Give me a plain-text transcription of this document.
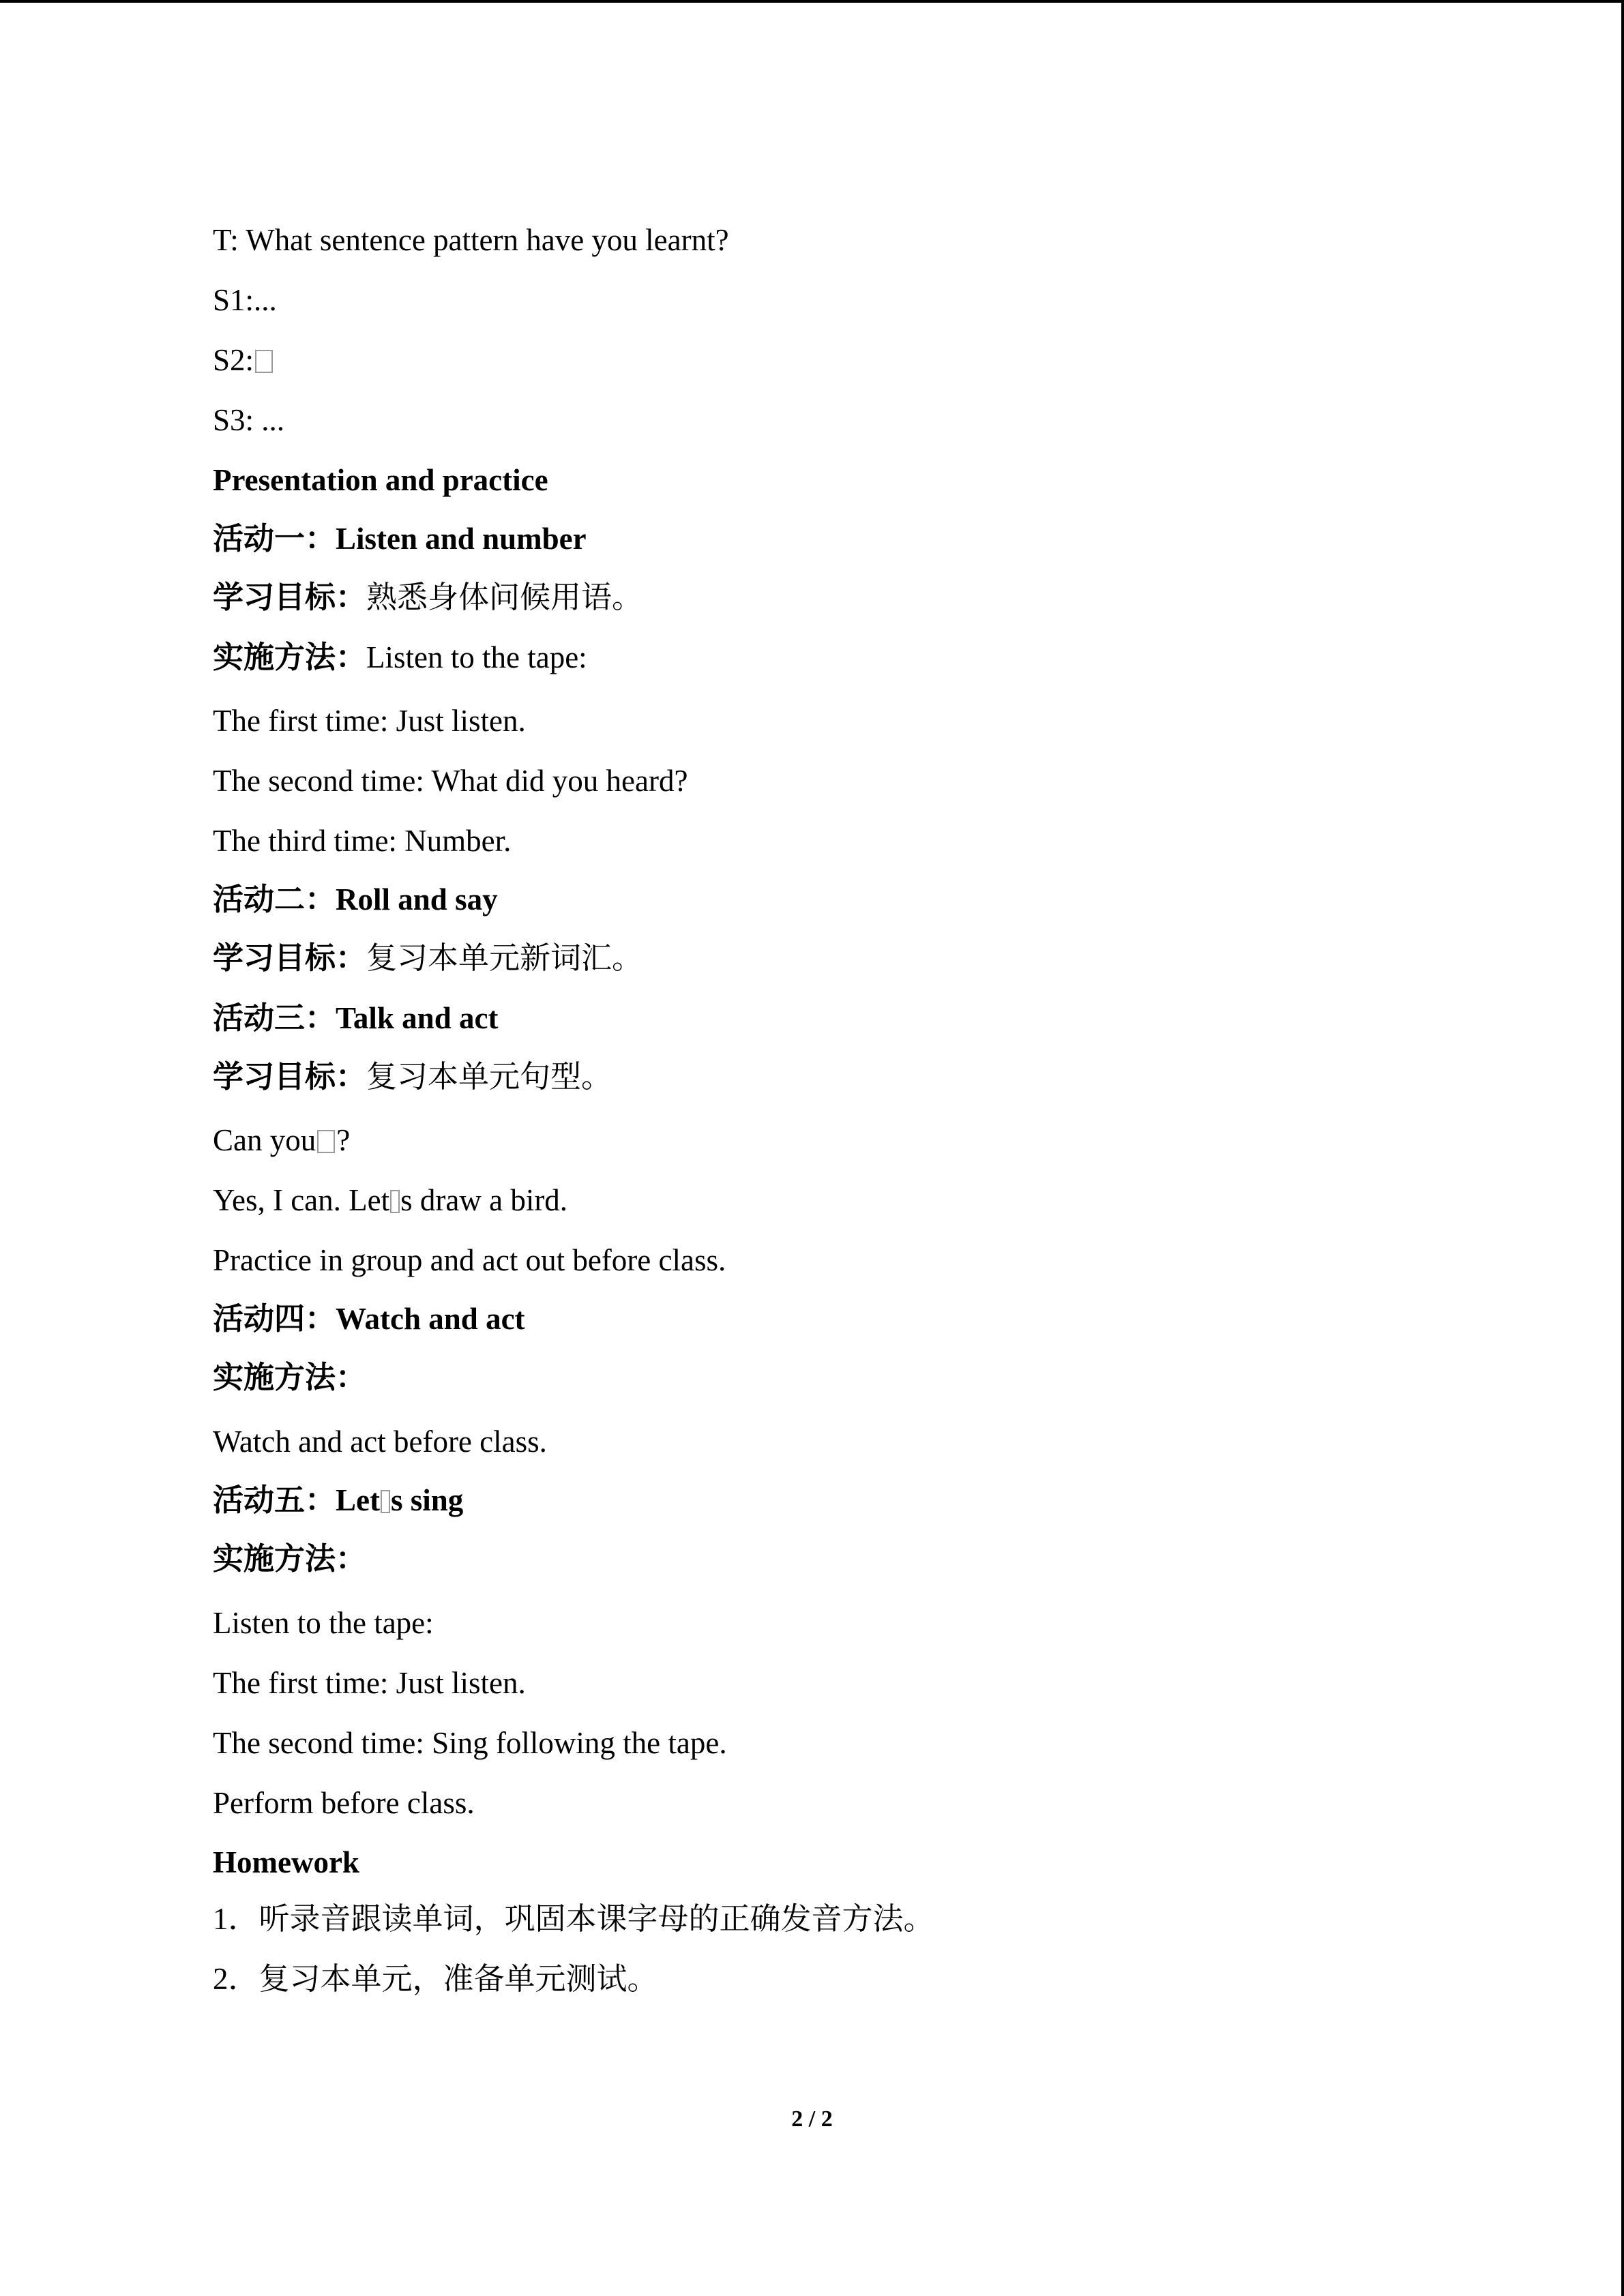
T: What sentence pattern have you learnt?
S1:...
S2:
S3: ...
Presentation and practice
活动一：Listen and number
学习目标：熟悉身体问候用语。
实施方法：Listen to the tape:
The first time: Just listen.
The second time: What did you heard?
The third time: Number.
活动二：Roll and say
学习目标：复习本单元新词汇。
活动三：Talk and act
学习目标：复习本单元句型。
Can you ?
Yes, I can. Let s draw a bird.
Practice in group and act out before class.
活动四：Watch and act
实施方法：
Watch and act before class.
活动五：Let s sing
实施方法：
Listen to the tape:
The first time: Just listen.
The second time: Sing following the tape.
Perform before class.
Homework
1．听录音跟读单词，巩固本课字母的正确发音方法。
2．复习本单元，准备单元测试。
2 / 2
